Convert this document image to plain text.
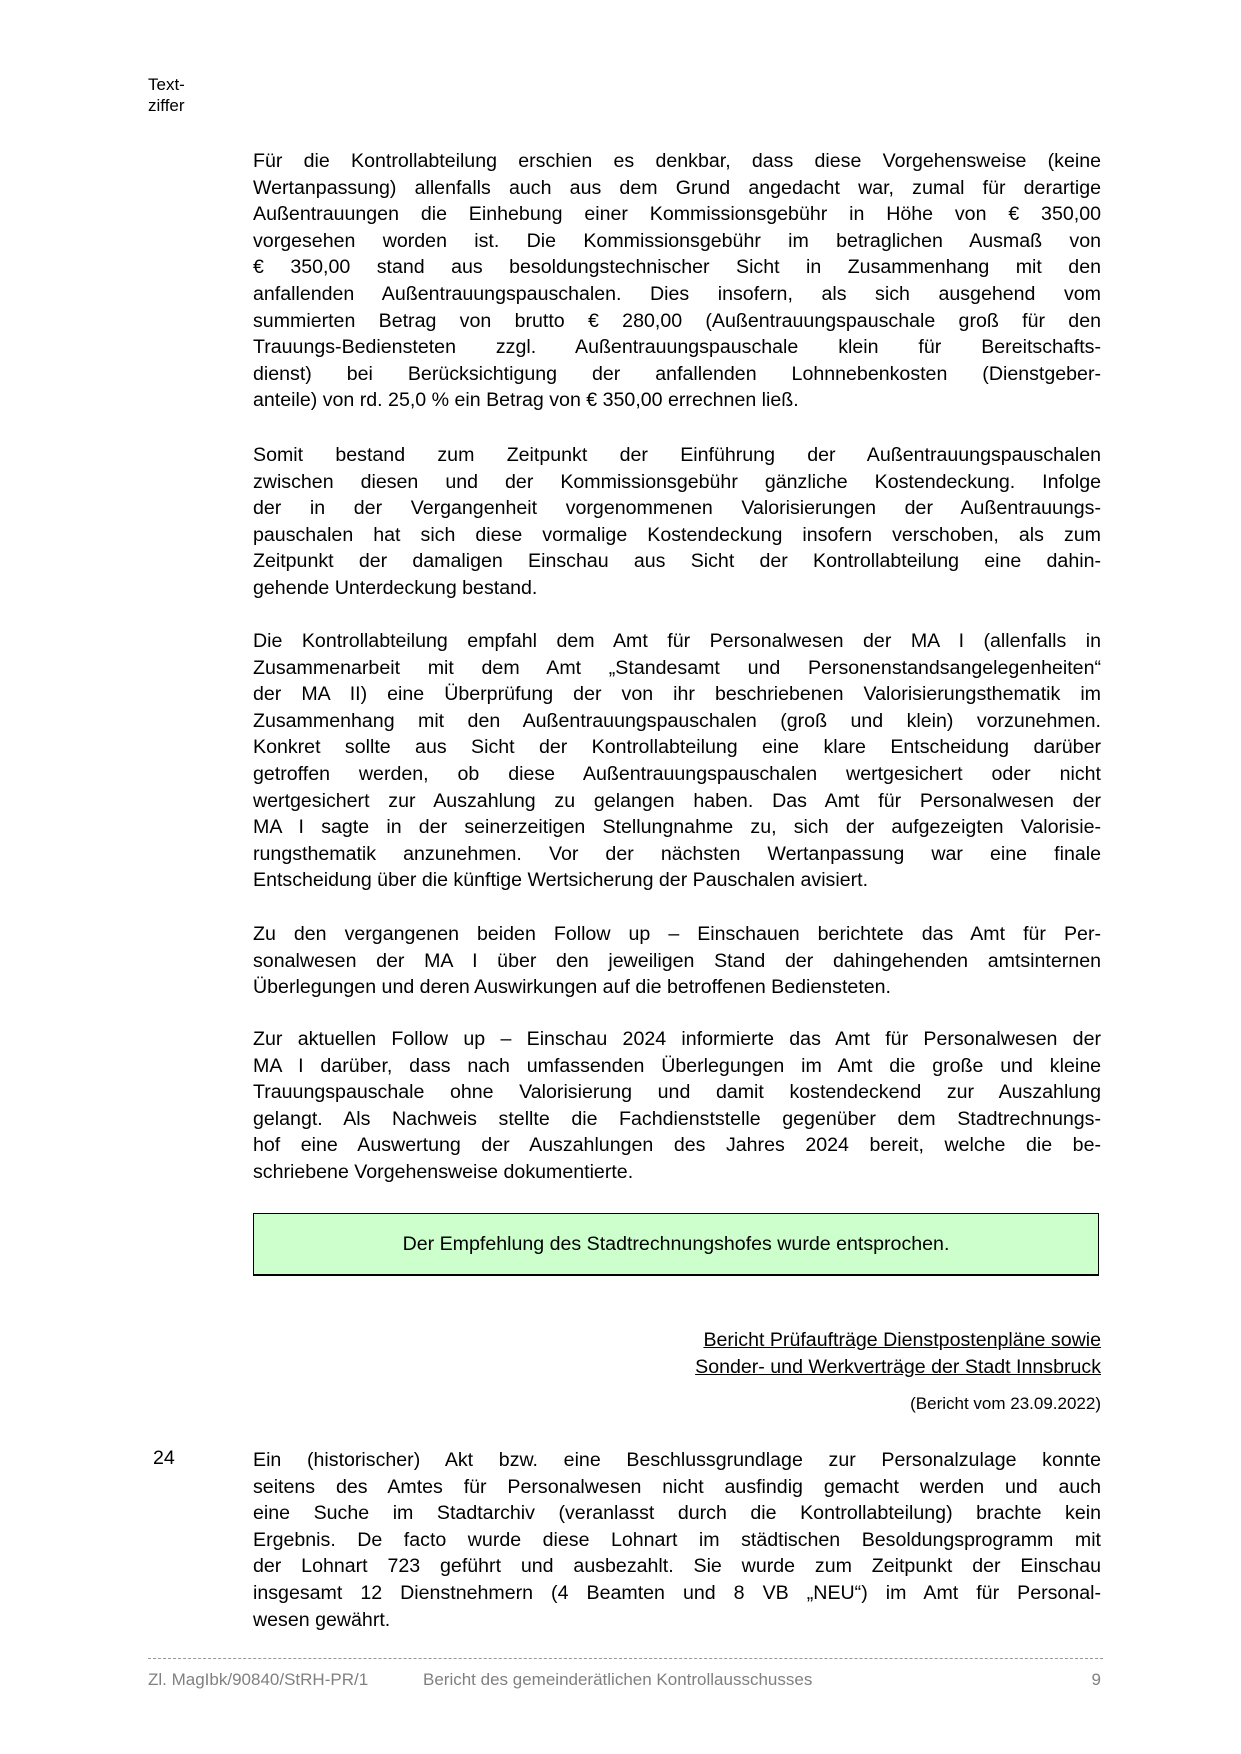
Text-
ziffer
Für die Kontrollabteilung erschien es denkbar, dass diese Vorgehensweise (keine
Wertanpassung) allenfalls auch aus dem Grund angedacht war, zumal für derartige
Außentrauungen die Einhebung einer Kommissionsgebühr in Höhe von € 350,00
vorgesehen worden ist. Die Kommissionsgebühr im betraglichen Ausmaß von
€ 350,00 stand aus besoldungstechnischer Sicht in Zusammenhang mit den
anfallenden Außentrauungspauschalen. Dies insofern, als sich ausgehend vom
summierten Betrag von brutto € 280,00 (Außentrauungspauschale groß für den
Trauungs-Bediensteten zzgl. Außentrauungspauschale klein für Bereitschafts-
dienst) bei Berücksichtigung der anfallenden Lohnnebenkosten (Dienstgeber-
anteile) von rd. 25,0 % ein Betrag von € 350,00 errechnen ließ.
Somit bestand zum Zeitpunkt der Einführung der Außentrauungspauschalen
zwischen diesen und der Kommissionsgebühr gänzliche Kostendeckung. Infolge
der in der Vergangenheit vorgenommenen Valorisierungen der Außentrauungs-
pauschalen hat sich diese vormalige Kostendeckung insofern verschoben, als zum
Zeitpunkt der damaligen Einschau aus Sicht der Kontrollabteilung eine dahin-
gehende Unterdeckung bestand.
Die Kontrollabteilung empfahl dem Amt für Personalwesen der MA I (allenfalls in
Zusammenarbeit mit dem Amt „Standesamt und Personenstandsangelegenheiten“
der MA II) eine Überprüfung der von ihr beschriebenen Valorisierungsthematik im
Zusammenhang mit den Außentrauungspauschalen (groß und klein) vorzunehmen.
Konkret sollte aus Sicht der Kontrollabteilung eine klare Entscheidung darüber
getroffen werden, ob diese Außentrauungspauschalen wertgesichert oder nicht
wertgesichert zur Auszahlung zu gelangen haben. Das Amt für Personalwesen der
MA I sagte in der seinerzeitigen Stellungnahme zu, sich der aufgezeigten Valorisie-
rungsthematik anzunehmen. Vor der nächsten Wertanpassung war eine finale
Entscheidung über die künftige Wertsicherung der Pauschalen avisiert.
Zu den vergangenen beiden Follow up – Einschauen berichtete das Amt für Per-
sonalwesen der MA I über den jeweiligen Stand der dahingehenden amtsinternen
Überlegungen und deren Auswirkungen auf die betroffenen Bediensteten.
Zur aktuellen Follow up – Einschau 2024 informierte das Amt für Personalwesen der
MA I darüber, dass nach umfassenden Überlegungen im Amt die große und kleine
Trauungspauschale ohne Valorisierung und damit kostendeckend zur Auszahlung
gelangt. Als Nachweis stellte die Fachdienststelle gegenüber dem Stadtrechnungs-
hof eine Auswertung der Auszahlungen des Jahres 2024 bereit, welche die be-
schriebene Vorgehensweise dokumentierte.
Der Empfehlung des Stadtrechnungshofes wurde entsprochen.
Bericht Prüfaufträge Dienstpostenpläne sowie
Sonder- und Werkverträge der Stadt Innsbruck
(Bericht vom 23.09.2022)
24	Ein (historischer) Akt bzw. eine Beschlussgrundlage zur Personalzulage konnte
seitens des Amtes für Personalwesen nicht ausfindig gemacht werden und auch
eine Suche im Stadtarchiv (veranlasst durch die Kontrollabteilung) brachte kein
Ergebnis. De facto wurde diese Lohnart im städtischen Besoldungsprogramm mit
der Lohnart 723 geführt und ausbezahlt. Sie wurde zum Zeitpunkt der Einschau
insgesamt 12 Dienstnehmern (4 Beamten und 8 VB „NEU“) im Amt für Personal-
wesen gewährt.
Zl. MagIbk/90840/StRH-PR/1	Bericht des gemeinderätlichen Kontrollausschusses	9
